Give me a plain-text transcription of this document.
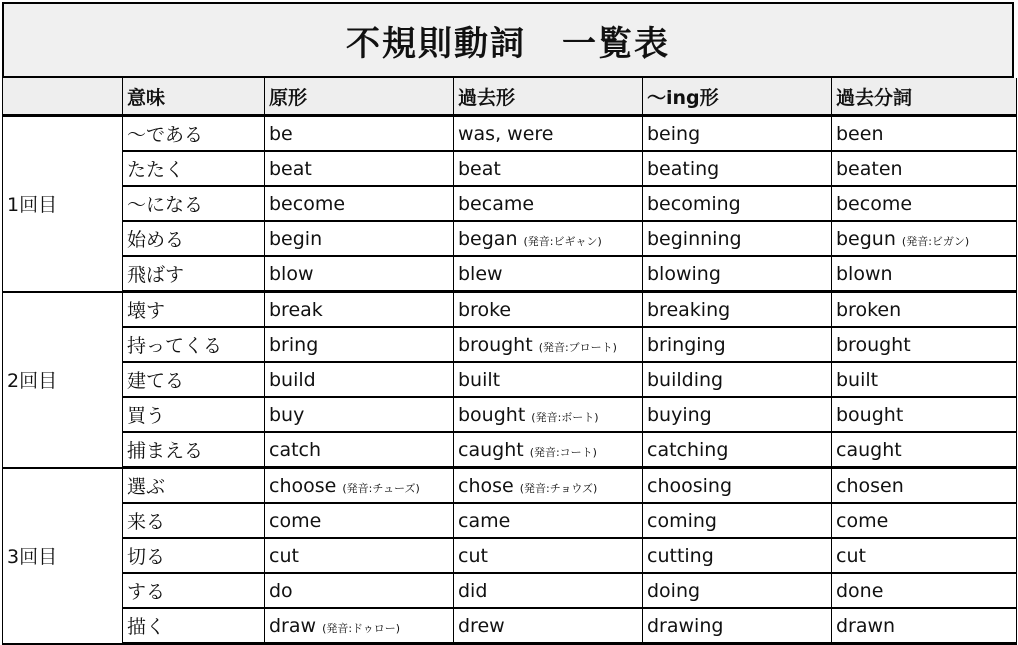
不規則動詞　一覧表
	意味	原形	過去形	～ing形	過去分詞
1回目	～である	be	was, were	being	been
	たたく	beat	beat	beating	beaten
	～になる	become	became	becoming	become
	始める	begin	began (発音:ビギャン)	beginning	begun (発音:ビガン)
	飛ばす	blow	blew	blowing	blown
2回目	壊す	break	broke	breaking	broken
	持ってくる	bring	brought (発音:ブロート)	bringing	brought
	建てる	build	built	building	built
	買う	buy	bought (発音:ボート)	buying	bought
	捕まえる	catch	caught (発音:コート)	catching	caught
3回目	選ぶ	choose (発音:チューズ)	chose (発音:チョウズ)	choosing	chosen
	来る	come	came	coming	come
	切る	cut	cut	cutting	cut
	する	do	did	doing	done
	描く	draw (発音:ドゥロー)	drew	drawing	drawn
